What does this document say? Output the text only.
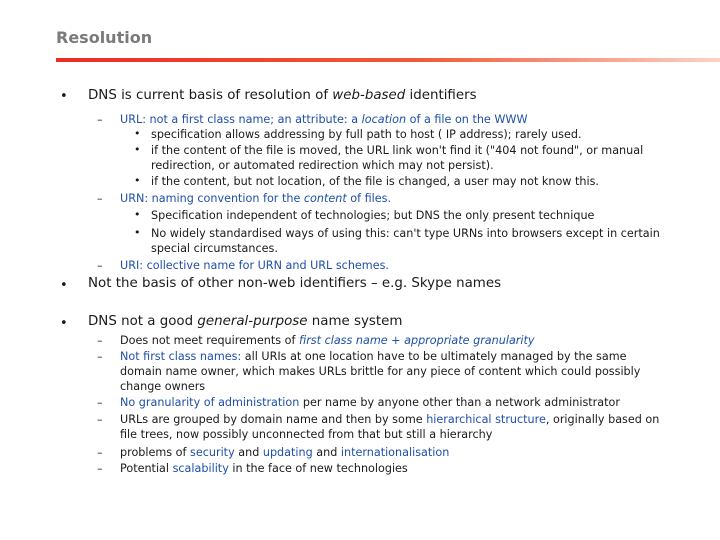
Resolution
• DNS is current basis of resolution of web-based identifiers
– URL: not a first class name; an attribute: a location of a file on the WWW
• specification allows addressing by full path to host ( IP address); rarely used.
• if the content of the file is moved, the URL link won't find it ("404 not found", or manual redirection, or automated redirection which may not persist).
• if the content, but not location, of the file is changed, a user may not know this.
– URN: naming convention for the content of files.
• Specification independent of technologies; but DNS the only present technique
• No widely standardised ways of using this: can't type URNs into browsers except in certain special circumstances.
– URI: collective name for URN and URL schemes.
• Not the basis of other non-web identifiers – e.g. Skype names
• DNS not a good general-purpose name system
– Does not meet requirements of first class name + appropriate granularity
– Not first class names: all URIs at one location have to be ultimately managed by the same domain name owner, which makes URLs brittle for any piece of content which could possibly change owners
– No granularity of administration per name by anyone other than a network administrator
– URLs are grouped by domain name and then by some hierarchical structure, originally based on file trees, now possibly unconnected from that but still a hierarchy
– problems of security and updating and internationalisation
– Potential scalability in the face of new technologies
